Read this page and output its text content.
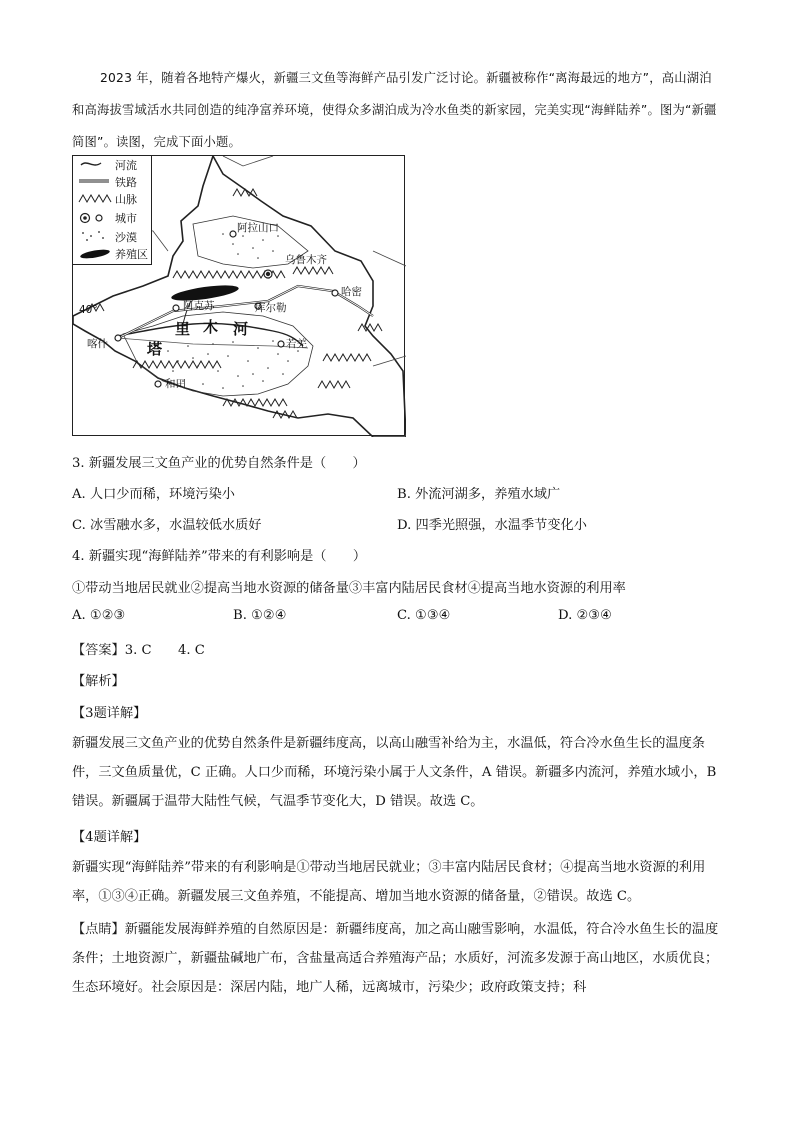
2023 年，随着各地特产爆火，新疆三文鱼等海鲜产品引发广泛讨论。新疆被称作“离海最远的地方”，高山湖泊和高海拔雪域活水共同创造的纯净富养环境，使得众多湖泊成为冷水鱼类的新家园，完美实现“海鲜陆养”。图为“新疆简图”。读图，完成下面小题。

河流
铁路
山脉
城市
沙漠
养殖区
阿拉山口
乌鲁木齐
哈密
阿克苏	库尔勒
喀什	若羌
和田
40°
里 木 河
塔
3. 新疆发展三文鱼产业的优势自然条件是（　　）
A. 人口少而稀，环境污染小	B. 外流河湖多，养殖水域广
C. 冰雪融水多，水温较低水质好	D. 四季光照强，水温季节变化小
4. 新疆实现“海鲜陆养”带来的有利影响是（　　）
①带动当地居民就业②提高当地水资源的储备量③丰富内陆居民食材④提高当地水资源的利用率
A. ①②③	B. ①②④	C. ①③④	D. ②③④
【答案】3. C　　4. C
【解析】
【3题详解】

新疆发展三文鱼产业的优势自然条件是新疆纬度高，以高山融雪补给为主，水温低，符合冷水鱼生长的温度条件，三文鱼质量优，C 正确。人口少而稀，环境污染小属于人文条件，A 错误。新疆多内流河，养殖水域小，B 错误。新疆属于温带大陆性气候，气温季节变化大，D 错误。故选 C。

【4题详解】

新疆实现“海鲜陆养”带来的有利影响是①带动当地居民就业；③丰富内陆居民食材；④提高当地水资源的利用率，①③④正确。新疆发展三文鱼养殖，不能提高、增加当地水资源的储备量，②错误。故选 C。

【点睛】新疆能发展海鲜养殖的自然原因是：新疆纬度高，加之高山融雪影响，水温低，符合冷水鱼生长的温度条件；土地资源广，新疆盐碱地广布，含盐量高适合养殖海产品；水质好，河流多发源于高山地区，水质优良；生态环境好。社会原因是：深居内陆，地广人稀，远离城市，污染少；政府政策支持；科
